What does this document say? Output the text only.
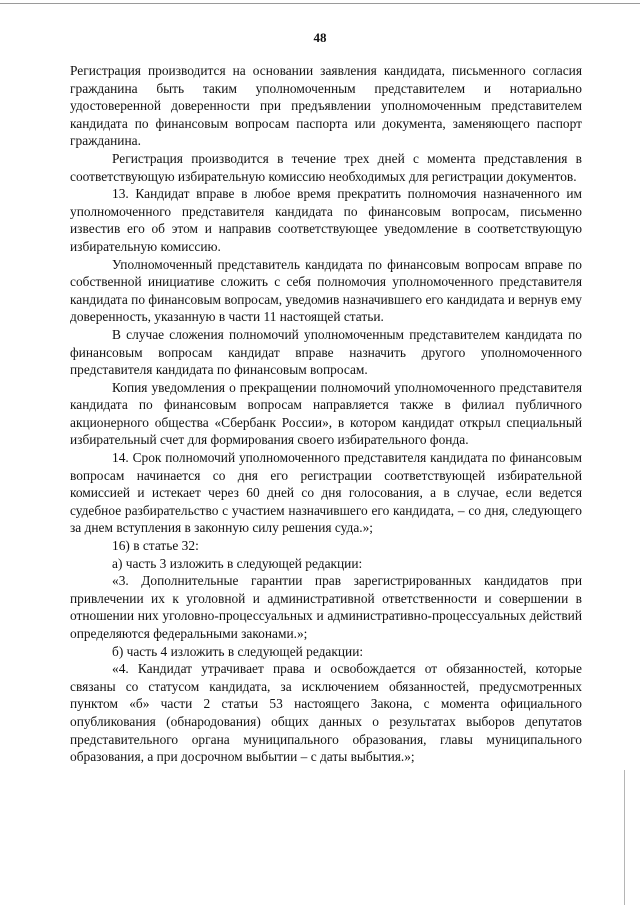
48

Регистрация производится на основании заявления кандидата, письменного согласия гражданина быть таким уполномоченным представителем и нотариально удостоверенной доверенности при предъявлении уполномоченным представителем кандидата по финансовым вопросам паспорта или документа, заменяющего паспорт гражданина.

Регистрация производится в течение трех дней с момента представления в соответствующую избирательную комиссию необходимых для регистрации документов.

13. Кандидат вправе в любое время прекратить полномочия назначенного им уполномоченного представителя кандидата по финансовым вопросам, письменно известив его об этом и направив соответствующее уведомление в соответствующую избирательную комиссию.

Уполномоченный представитель кандидата по финансовым вопросам вправе по собственной инициативе сложить с себя полномочия уполномоченного представителя кандидата по финансовым вопросам, уведомив назначившего его кандидата и вернув ему доверенность, указанную в части 11 настоящей статьи.

В случае сложения полномочий уполномоченным представителем кандидата по финансовым вопросам кандидат вправе назначить другого уполномоченного представителя кандидата по финансовым вопросам.

Копия уведомления о прекращении полномочий уполномоченного представителя кандидата по финансовым вопросам направляется также в филиал публичного акционерного общества «Сбербанк России», в котором кандидат открыл специальный избирательный счет для формирования своего избирательного фонда.

14. Срок полномочий уполномоченного представителя кандидата по финансовым вопросам начинается со дня его регистрации соответствующей избирательной комиссией и истекает через 60 дней со дня голосования, а в случае, если ведется судебное разбирательство с участием назначившего его кандидата, – со дня, следующего за днем вступления в законную силу решения суда.»;

16) в статье 32:

а) часть 3 изложить в следующей редакции:

«3. Дополнительные гарантии прав зарегистрированных кандидатов при привлечении их к уголовной и административной ответственности и совершении в отношении них уголовно-процессуальных и административно-процессуальных действий определяются федеральными законами.»;

б) часть 4 изложить в следующей редакции:

«4. Кандидат утрачивает права и освобождается от обязанностей, которые связаны со статусом кандидата, за исключением обязанностей, предусмотренных пунктом «б» части 2 статьи 53 настоящего Закона, с момента официального опубликования (обнародования) общих данных о результатах выборов депутатов представительного органа муниципального образования, главы муниципального образования, а при досрочном выбытии – с даты выбытия.»;
